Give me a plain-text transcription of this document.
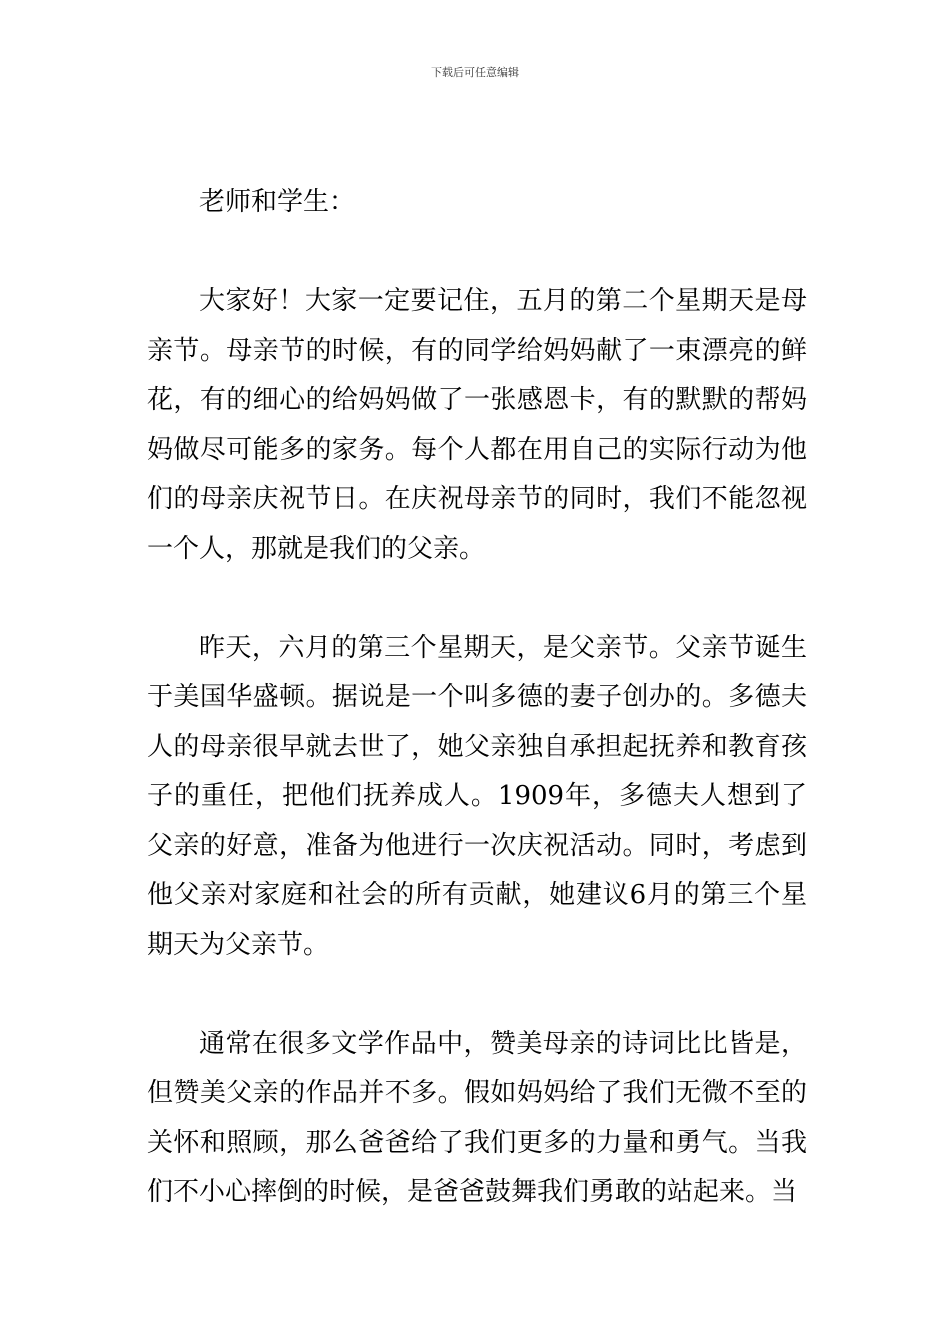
下载后可任意编辑

老师和学生：

大家好！大家一定要记住，五月的第二个星期天是母亲节。母亲节的时候，有的同学给妈妈献了一束漂亮的鲜花，有的细心的给妈妈做了一张感恩卡，有的默默的帮妈妈做尽可能多的家务。每个人都在用自己的实际行动为他们的母亲庆祝节日。在庆祝母亲节的同时，我们不能忽视一个人，那就是我们的父亲。

昨天，六月的第三个星期天，是父亲节。父亲节诞生于美国华盛顿。据说是一个叫多德的妻子创办的。多德夫人的母亲很早就去世了，她父亲独自承担起抚养和教育孩子的重任，把他们抚养成人。1909年，多德夫人想到了父亲的好意，准备为他进行一次庆祝活动。同时，考虑到他父亲对家庭和社会的所有贡献，她建议6月的第三个星期天为父亲节。

通常在很多文学作品中，赞美母亲的诗词比比皆是，但赞美父亲的作品并不多。假如妈妈给了我们无微不至的关怀和照顾，那么爸爸给了我们更多的力量和勇气。当我们不小心摔倒的时候，是爸爸鼓舞我们勇敢的站起来。当
